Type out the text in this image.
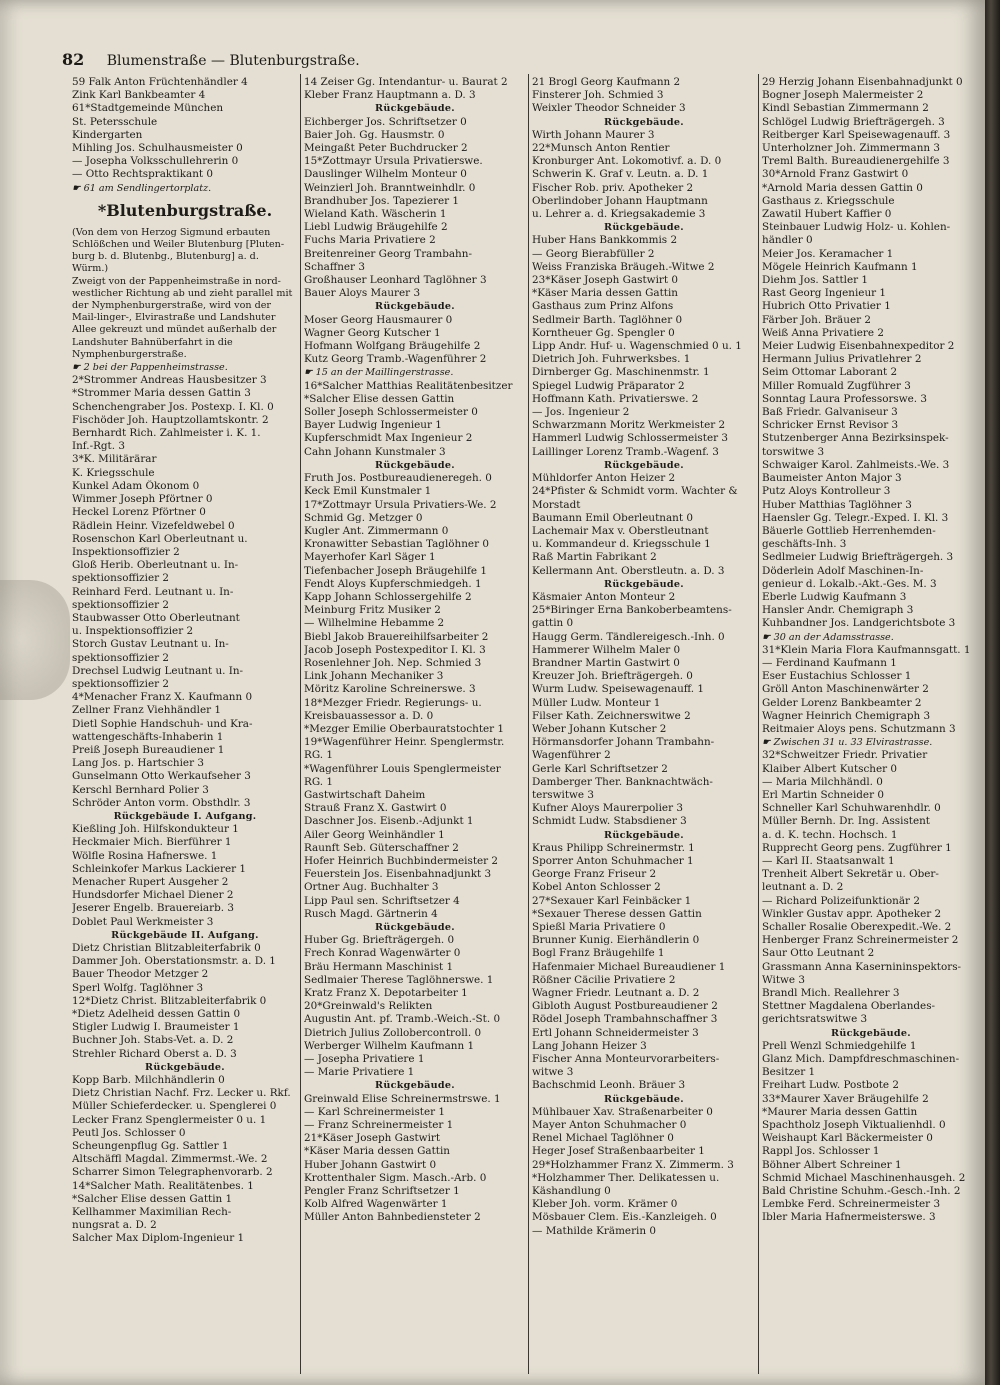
82 Blumenstraße — Blutenburgstraße.
59 Falk Anton Früchtenhändler 4
Zink Karl Bankbeamter 4
61*Stadtgemeinde München
St. Petersschule
Kindergarten
Mihling Jos. Schulhausmeister 0
— Josepha Volksschullehrerin 0
— Otto Rechtspraktikant 0
☛ 61 am Sendlingertorplatz.
*Blutenburgstraße.
(Von dem von Herzog Sigmund erbauten Schlößchen und Weiler Blutenburg [Pluten-burg b. d. Blutenbg., Blutenburg] a. d. Würm.)
Zweigt von der Pappenheimstraße in nord-westlicher Richtung ab und zieht parallel mit der Nymphenburgerstraße, wird von der Mail-linger-, Elvirastraße und Landshuter Allee gekreuzt und mündet außerhalb der Landshuter Bahnüberfahrt in die Nymphenburgerstraße.
☛ 2 bei der Pappenheimstrasse.
2*Strommer Andreas Hausbesitzer 3
*Strommer Maria dessen Gattin 3
Schenchengraber Jos. Postexp. I. Kl. 0
Fischöder Joh. Hauptzollamtskontr. 2
Bernhardt Rich. Zahlmeister i. K. 1.
Inf.-Rgt. 3
3*K. Militärärar
K. Kriegsschule
Kunkel Adam Ökonom 0
Wimmer Joseph Pförtner 0
Heckel Lorenz Pförtner 0
Rädlein Heinr. Vizefeldwebel 0
Rosenschon Karl Oberleutnant u.
Inspektionsoffizier 2
Gloß Herib. Oberleutnant u. In-
spektionsoffizier 2
Reinhard Ferd. Leutnant u. In-
spektionsoffizier 2
Staubwasser Otto Oberleutnant
u. Inspektionsoffizier 2
Storch Gustav Leutnant u. In-
spektionsoffizier 2
Drechsel Ludwig Leutnant u. In-
spektionsoffizier 2
4*Menacher Franz X. Kaufmann 0
Zellner Franz Viehhändler 1
Dietl Sophie Handschuh- und Kra-
wattengeschäfts-Inhaberin 1
Preiß Joseph Bureaudiener 1
Lang Jos. p. Hartschier 3
Gunselmann Otto Werkaufseher 3
Kerschl Bernhard Polier 3
Schröder Anton vorm. Obsthdlr. 3
Rückgebäude I. Aufgang.
Kießling Joh. Hilfskondukteur 1
Heckmaier Mich. Bierführer 1
Wölfle Rosina Hafnerswe. 1
Schleinkofer Markus Lackierer 1
Menacher Rupert Ausgeher 2
Hundsdorfer Michael Diener 2
Jeserer Engelb. Brauereiarb. 3
Doblet Paul Werkmeister 3
Rückgebäude II. Aufgang.
Dietz Christian Blitzableiterfabrik 0
Dammer Joh. Oberstationsmstr. a. D. 1
Bauer Theodor Metzger 2
Sperl Wolfg. Taglöhner 3
12*Dietz Christ. Blitzableiterfabrik 0
*Dietz Adelheid dessen Gattin 0
Stigler Ludwig I. Braumeister 1
Buchner Joh. Stabs-Vet. a. D. 2
Strehler Richard Oberst a. D. 3
Rückgebäude.
Kopp Barb. Milchhändlerin 0
Dietz Christian Nachf. Frz. Lecker u. Rkf.
Müller Schieferdecker. u. Spenglerei 0
Lecker Franz Spenglermeister 0 u. 1
Peutl Jos. Schlosser 0
Scheungenpflug Gg. Sattler 1
Altschäffl Magdal. Zimmermst.-We. 2
Scharrer Simon Telegraphenvorarb. 2
14*Salcher Math. Realitätenbes. 1
*Salcher Elise dessen Gattin 1
Kellhammer Maximilian Rech-
nungsrat a. D. 2
Salcher Max Diplom-Ingenieur 1
14 Zeiser Gg. Intendantur- u. Baurat 2
Kleber Franz Hauptmann a. D. 3
Rückgebäude.
Eichberger Jos. Schriftsetzer 0
Baier Joh. Gg. Hausmstr. 0
Meingaßt Peter Buchdrucker 2
15*Zottmayr Ursula Privatierswe.
Dauslinger Wilhelm Monteur 0
Weinzierl Joh. Branntweinhdlr. 0
Brandhuber Jos. Tapezierer 1
Wieland Kath. Wäscherin 1
Liebl Ludwig Bräugehilfe 2
Fuchs Maria Privatiere 2
Breitenreiner Georg Trambahn-
Schaffner 3
Großhauser Leonhard Taglöhner 3
Bauer Aloys Maurer 3
Rückgebäude.
Moser Georg Hausmaurer 0
Wagner Georg Kutscher 1
Hofmann Wolfgang Bräugehilfe 2
Kutz Georg Tramb.-Wagenführer 2
☛ 15 an der Maillingerstrasse.
16*Salcher Matthias Realitätenbesitzer
*Salcher Elise dessen Gattin
Soller Joseph Schlossermeister 0
Bayer Ludwig Ingenieur 1
Kupferschmidt Max Ingenieur 2
Cahn Johann Kunstmaler 3
Rückgebäude.
Fruth Jos. Postbureaudieneregeh. 0
Keck Emil Kunstmaler 1
17*Zottmayr Ursula Privatiers-We. 2
Schmid Gg. Metzger 0
Kugler Ant. Zimmermann 0
Kronawitter Sebastian Taglöhner 0
Mayerhofer Karl Säger 1
Tiefenbacher Joseph Bräugehilfe 1
Fendt Aloys Kupferschmiedgeh. 1
Kapp Johann Schlossergehilfe 2
Meinburg Fritz Musiker 2
— Wilhelmine Hebamme 2
Biebl Jakob Brauereihilfsarbeiter 2
Jacob Joseph Postexpeditor I. Kl. 3
Rosenlehner Joh. Nep. Schmied 3
Link Johann Mechaniker 3
Möritz Karoline Schreinerswe. 3
18*Mezger Friedr. Regierungs- u.
Kreisbauassessor a. D. 0
*Mezger Emilie Oberbauratstochter 1
19*Wagenführer Heinr. Spenglermstr.
RG. 1
*Wagenführer Louis Spenglermeister
RG. 1
Gastwirtschaft Daheim
Strauß Franz X. Gastwirt 0
Daschner Jos. Eisenb.-Adjunkt 1
Ailer Georg Weinhändler 1
Raunft Seb. Güterschaffner 2
Hofer Heinrich Buchbindermeister 2
Feuerstein Jos. Eisenbahnadjunkt 3
Ortner Aug. Buchhalter 3
Lipp Paul sen. Schriftsetzer 4
Rusch Magd. Gärtnerin 4
Rückgebäude.
Huber Gg. Briefträgergeh. 0
Frech Konrad Wagenwärter 0
Bräu Hermann Maschinist 1
Sedlmaier Therese Taglöhnerswe. 1
Kratz Franz X. Depotarbeiter 1
20*Greinwald's Relikten
Augustin Ant. pf. Tramb.-Weich.-St. 0
Dietrich Julius Zollobercontroll. 0
Werberger Wilhelm Kaufmann 1
— Josepha Privatiere 1
— Marie Privatiere 1
Rückgebäude.
Greinwald Elise Schreinermstrswe. 1
— Karl Schreinermeister 1
— Franz Schreinermeister 1
21*Käser Joseph Gastwirt
*Käser Maria dessen Gattin
Huber Johann Gastwirt 0
Krottenthaler Sigm. Masch.-Arb. 0
Pengler Franz Schriftsetzer 1
Kolb Alfred Wagenwärter 1
Müller Anton Bahnbediensteter 2
21 Brogl Georg Kaufmann 2
Finsterer Joh. Schmied 3
Weixler Theodor Schneider 3
Rückgebäude.
Wirth Johann Maurer 3
22*Munsch Anton Rentier
Kronburger Ant. Lokomotivf. a. D. 0
Schwerin K. Graf v. Leutn. a. D. 1
Fischer Rob. priv. Apotheker 2
Oberlindober Johann Hauptmann
u. Lehrer a. d. Kriegsakademie 3
Rückgebäude.
Huber Hans Bankkommis 2
— Georg Bierabfüller 2
Weiss Franziska Bräugeh.-Witwe 2
23*Käser Joseph Gastwirt 0
*Käser Maria dessen Gattin
Gasthaus zum Prinz Alfons
Sedlmeir Barth. Taglöhner 0
Korntheuer Gg. Spengler 0
Lipp Andr. Huf- u. Wagenschmied 0 u. 1
Dietrich Joh. Fuhrwerksbes. 1
Dirnberger Gg. Maschinenmstr. 1
Spiegel Ludwig Präparator 2
Hoffmann Kath. Privatierswe. 2
— Jos. Ingenieur 2
Schwarzmann Moritz Werkmeister 2
Hammerl Ludwig Schlossermeister 3
Laillinger Lorenz Tramb.-Wagenf. 3
Rückgebäude.
Mühldorfer Anton Heizer 2
24*Pfister & Schmidt vorm. Wachter &
Morstadt
Baumann Emil Oberleutnant 0
Lachemair Max v. Oberstleutnant
u. Kommandeur d. Kriegsschule 1
Raß Martin Fabrikant 2
Kellermann Ant. Oberstleutn. a. D. 3
Rückgebäude.
Käsmaier Anton Monteur 2
25*Biringer Erna Bankoberbeamtens-
gattin 0
Haugg Germ. Tändlereigesch.-Inh. 0
Hammerer Wilhelm Maler 0
Brandner Martin Gastwirt 0
Kreuzer Joh. Briefträgergeh. 0
Wurm Ludw. Speisewagenauff. 1
Müller Ludw. Monteur 1
Filser Kath. Zeichnerswitwe 2
Weber Johann Kutscher 2
Hörmansdorfer Johann Trambahn-
Wagenführer 2
Gerle Karl Schriftsetzer 2
Damberger Ther. Banknachtwäch-
terswitwe 3
Kufner Aloys Maurerpolier 3
Schmidt Ludw. Stabsdiener 3
Rückgebäude.
Kraus Philipp Schreinermstr. 1
Sporrer Anton Schuhmacher 1
George Franz Friseur 2
Kobel Anton Schlosser 2
27*Sexauer Karl Feinbäcker 1
*Sexauer Therese dessen Gattin
Spießl Maria Privatiere 0
Brunner Kunig. Eierhändlerin 0
Bogl Franz Bräugehilfe 1
Hafenmaier Michael Bureaudiener 1
Rößner Cäcilie Privatiere 2
Wagner Friedr. Leutnant a. D. 2
Gibloth August Postbureaudiener 2
Rödel Joseph Trambahnschaffner 3
Ertl Johann Schneidermeister 3
Lang Johann Heizer 3
Fischer Anna Monteurvorarbeiters-
witwe 3
Bachschmid Leonh. Bräuer 3
Rückgebäude.
Mühlbauer Xav. Straßenarbeiter 0
Mayer Anton Schuhmacher 0
Renel Michael Taglöhner 0
Heger Josef Straßenbaarbeiter 1
29*Holzhammer Franz X. Zimmerm. 3
*Holzhammer Ther. Delikatessen u.
Käshandlung 0
Kleber Joh. vorm. Krämer 0
Mösbauer Clem. Eis.-Kanzleigeh. 0
— Mathilde Krämerin 0
29 Herzig Johann Eisenbahnadjunkt 0
Bogner Joseph Malermeister 2
Kindl Sebastian Zimmermann 2
Schlögel Ludwig Briefträgergeh. 3
Reitberger Karl Speisewagenauff. 3
Unterholzner Joh. Zimmermann 3
Treml Balth. Bureaudienergehilfe 3
30*Arnold Franz Gastwirt 0
*Arnold Maria dessen Gattin 0
Gasthaus z. Kriegsschule
Zawatil Hubert Kaffier 0
Steinbauer Ludwig Holz- u. Kohlen-
händler 0
Meier Jos. Keramacher 1
Mögele Heinrich Kaufmann 1
Diehm Jos. Sattler 1
Rast Georg Ingenieur 1
Hubrich Otto Privatier 1
Färber Joh. Bräuer 2
Weiß Anna Privatiere 2
Meier Ludwig Eisenbahnexpeditor 2
Hermann Julius Privatlehrer 2
Seim Ottomar Laborant 2
Miller Romuald Zugführer 3
Sonntag Laura Professorswe. 3
Baß Friedr. Galvaniseur 3
Schricker Ernst Revisor 3
Stutzenberger Anna Bezirksinspek-
torswitwe 3
Schwaiger Karol. Zahlmeists.-We. 3
Baumeister Anton Major 3
Putz Aloys Kontrolleur 3
Huber Matthias Taglöhner 3
Haensler Gg. Telegr.-Exped. I. Kl. 3
Bäuerle Gottlieb Herrenhemden-
geschäfts-Inh. 3
Sedlmeier Ludwig Briefträgergeh. 3
Döderlein Adolf Maschinen-In-
genieur d. Lokalb.-Akt.-Ges. M. 3
Eberle Ludwig Kaufmann 3
Hansler Andr. Chemigraph 3
Kuhbandner Jos. Landgerichtsbote 3
☛ 30 an der Adamsstrasse.
31*Klein Maria Flora Kaufmannsgatt. 1
— Ferdinand Kaufmann 1
Eser Eustachius Schlosser 1
Gröll Anton Maschinenwärter 2
Gelder Lorenz Bankbeamter 2
Wagner Heinrich Chemigraph 3
Reitmaier Aloys pens. Schutzmann 3
☛ Zwischen 31 u. 33 Elvirastrasse.
32*Schweitzer Friedr. Privatier
Klaiber Albert Kutscher 0
— Maria Milchhändl. 0
Erl Martin Schneider 0
Schneller Karl Schuhwarenhdlr. 0
Müller Bernh. Dr. Ing. Assistent
a. d. K. techn. Hochsch. 1
Rupprecht Georg pens. Zugführer 1
— Karl II. Staatsanwalt 1
Trenheit Albert Sekretär u. Ober-
leutnant a. D. 2
— Richard Polizeifunktionär 2
Winkler Gustav appr. Apotheker 2
Schaller Rosalie Oberexpedit.-We. 2
Henberger Franz Schreinermeister 2
Saur Otto Leutnant 2
Grassmann Anna Kasernininspektors-
Witwe 3
Brandl Mich. Reallehrer 3
Stettner Magdalena Oberlandes-
gerichtsratswitwe 3
Rückgebäude.
Prell Wenzl Schmiedgehilfe 1
Glanz Mich. Dampfdreschmaschinen-
Besitzer 1
Freihart Ludw. Postbote 2
33*Maurer Xaver Bräugehilfe 2
*Maurer Maria dessen Gattin
Spachtholz Joseph Viktualienhdl. 0
Weishaupt Karl Bäckermeister 0
Rappl Jos. Schlosser 1
Böhner Albert Schreiner 1
Schmid Michael Maschinenhausgeh. 2
Bald Christine Schuhm.-Gesch.-Inh. 2
Lembke Ferd. Schreinermeister 3
Ibler Maria Hafnermeisterswe. 3
